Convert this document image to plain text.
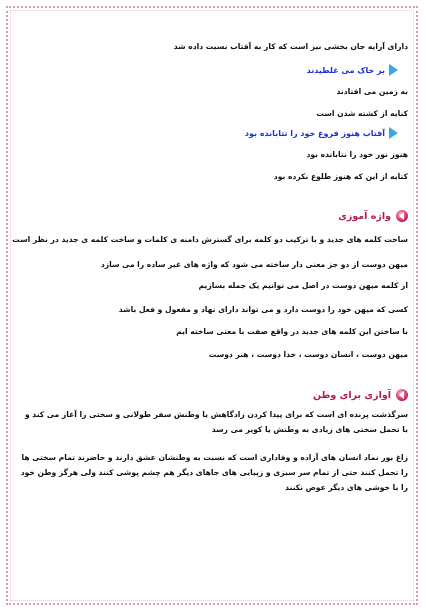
دارای آرایه جان بخشی نیز است که کار به آفتاب نسبت داده شد
بر خاک می غلطیدند
به زمین می افتادند
کنایه از کشته شدن است
آفتاب هنوز فروغ خود را نتابانده بود
هنوز نور خود را نتابانده بود
کنایه از این که هنوز طلوع نکرده بود
واژه آموزی
ساخت کلمه های جدید و با ترکیب دو کلمه برای گسترش دامنه ی کلمات و ساخت کلمه ی جدید در نظر است
میهن دوست از دو جز معنی دار ساخته می شود که واژه های غیر ساده را می سازد
از کلمه میهن دوست در اصل می توانیم یک جمله بسازیم
کسی که میهن خود را دوست دارد و می تواند دارای نهاد و مفعول و فعل باشد
با ساختن این کلمه های جدید در واقع صفت با معنی ساخته ایم
میهن دوست ، انسان دوست ، خدا دوست ، هنر دوست
آوازی برای وطن
سرگذشت پرنده ای است که برای پیدا کردن زادگاهش یا وطنش سفر طولانی و سختی را آغاز می کند و با تحمل سختی های زیادی به وطنش یا کویر می رسد
زاغ بور نماد انسان های آزاده و وفاداری است که نسبت به وطنشان عشق دارند و حاضرند تمام سختی ها را تحمل کنند حتی از تمام سر سبزی و زیبایی های جاهای دیگر هم چشم پوشی کنند ولی هرگز وطن خود را با خوشی های دیگر عوض نکنند
